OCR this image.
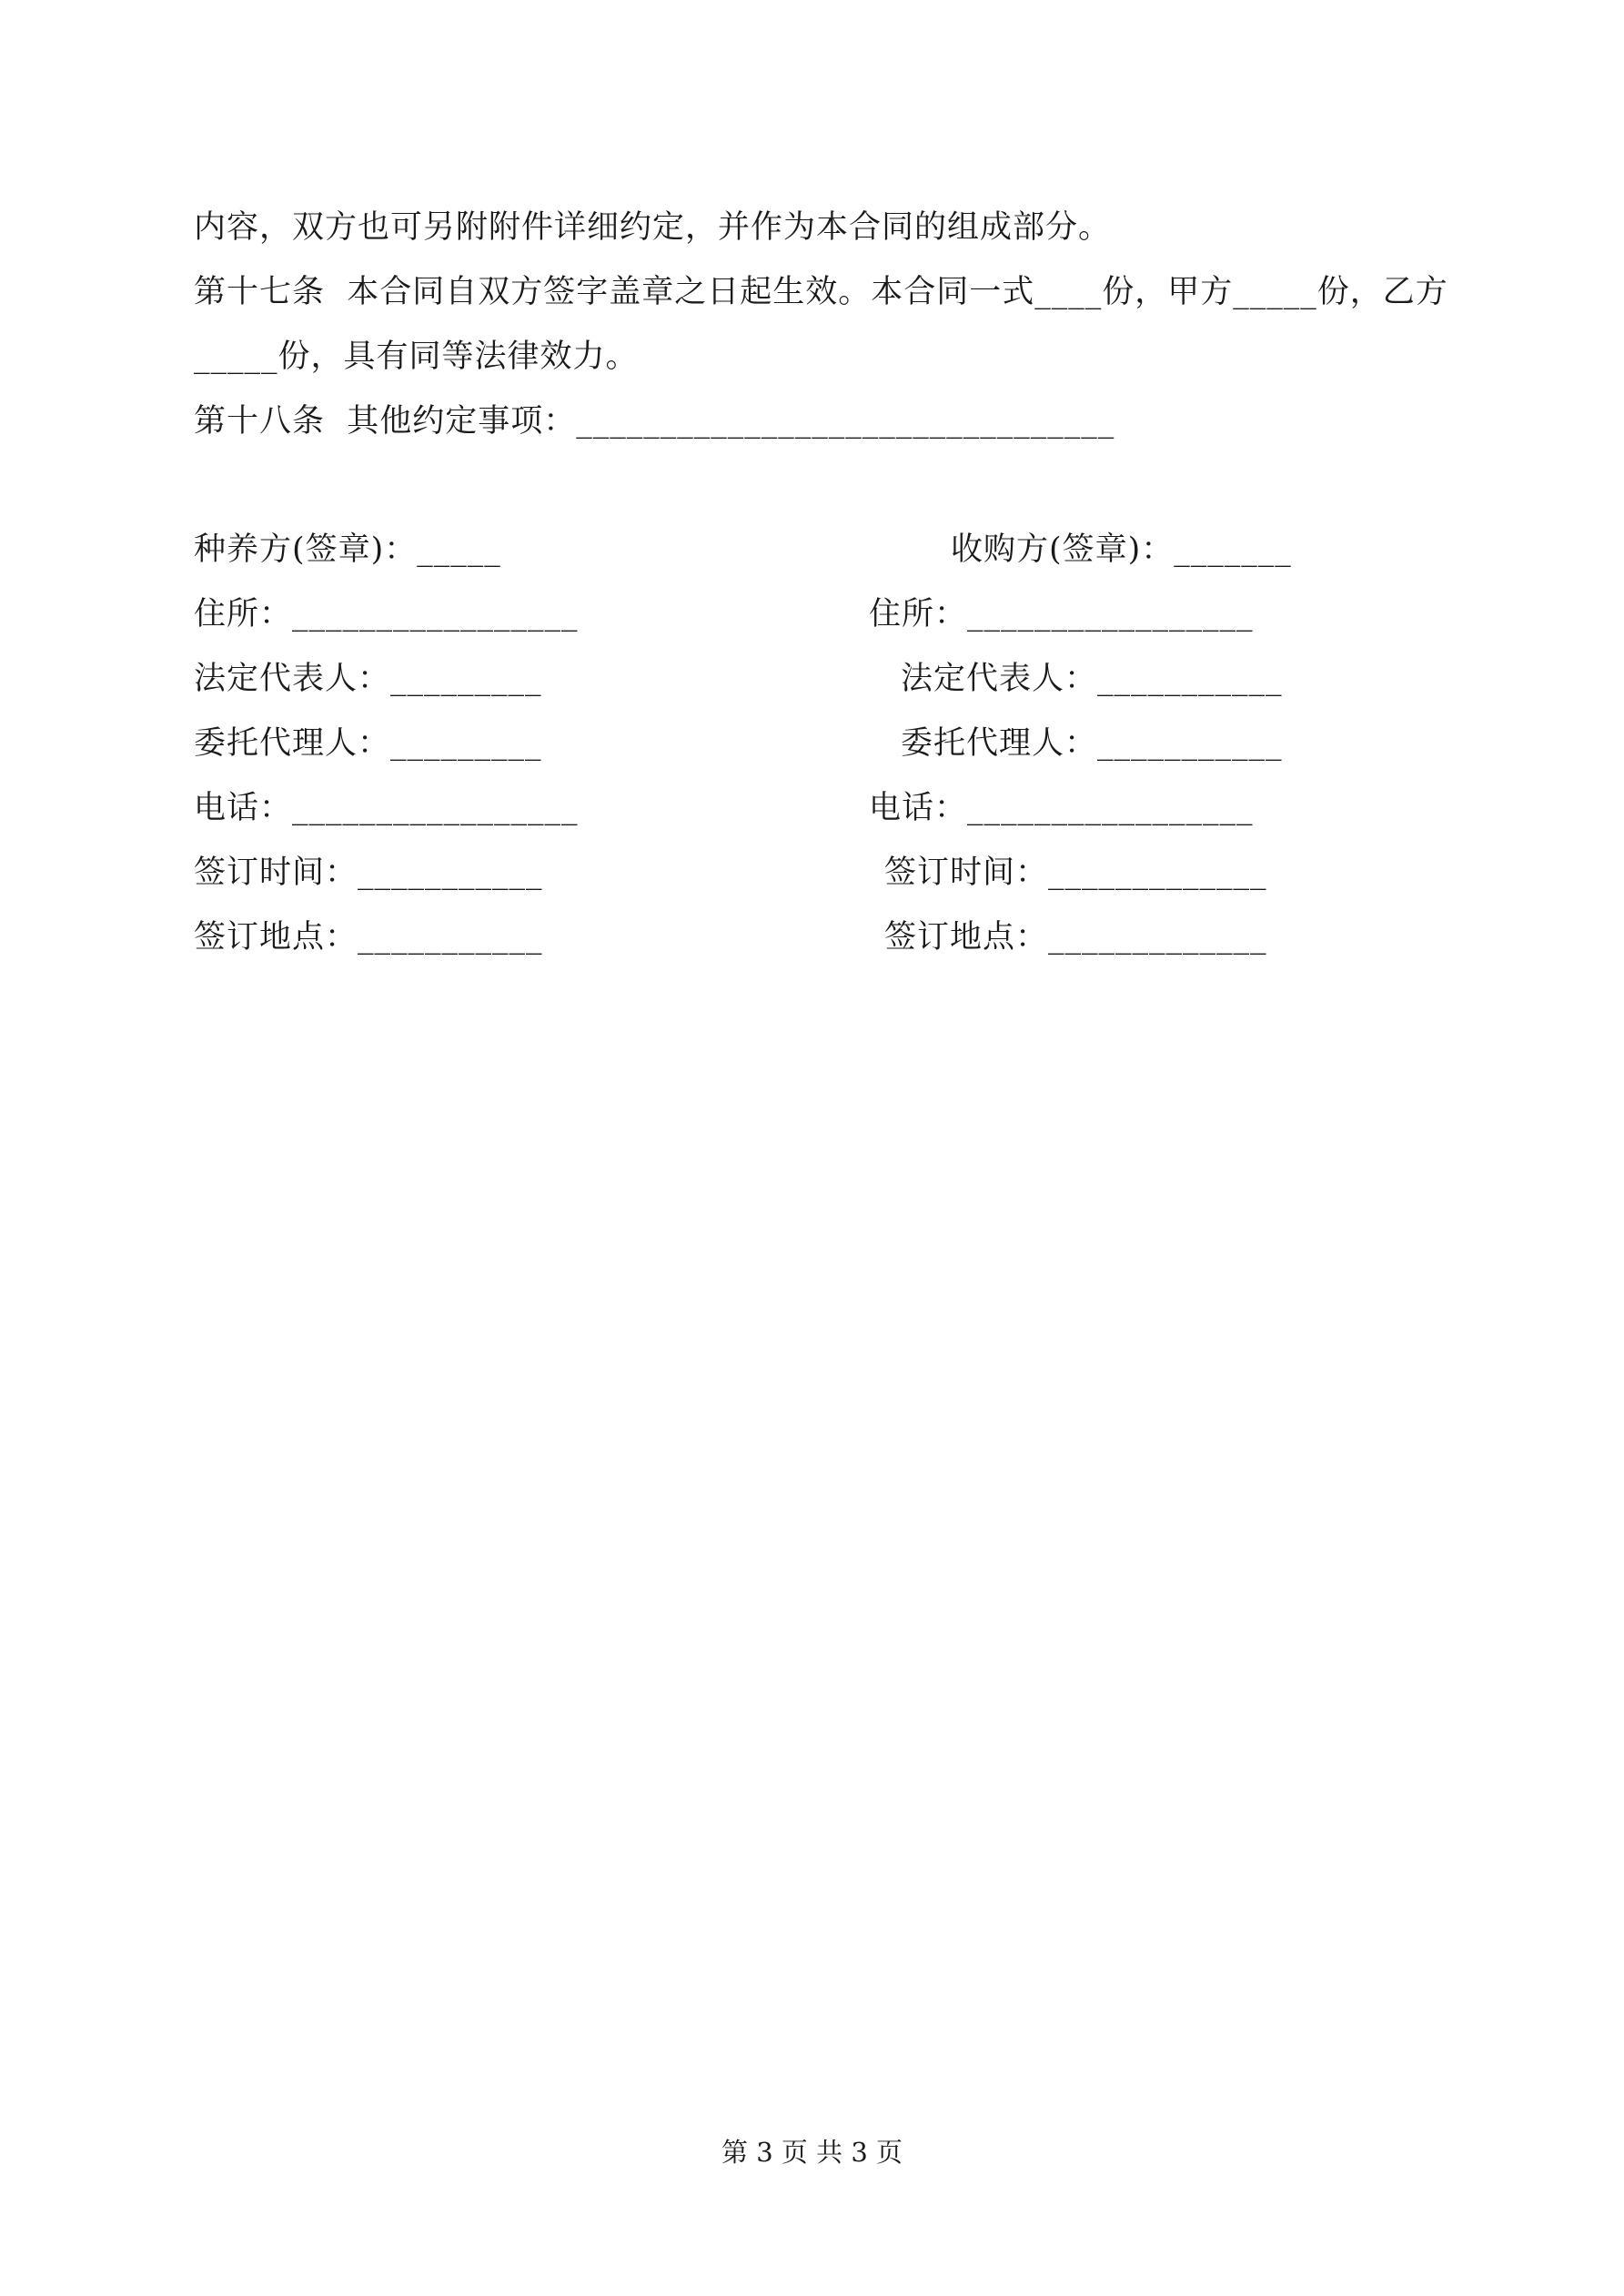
内容，双方也可另附附件详细约定，并作为本合同的组成部分。
第十七条  本合同自双方签字盖章之日起生效。本合同一式____份，甲方_____份，乙方
_____份，具有同等法律效力。
第十八条  其他约定事项：________________________________
种养方(签章)：_____
住所：_________________
法定代表人：_________
委托代理人：_________
电话：_________________
签订时间：___________
签订地点：___________
收购方(签章)：_______
住所：_________________
法定代表人：___________
委托代理人：___________
电话：_________________
签订时间：_____________
签订地点：_____________
第 3 页 共 3 页
